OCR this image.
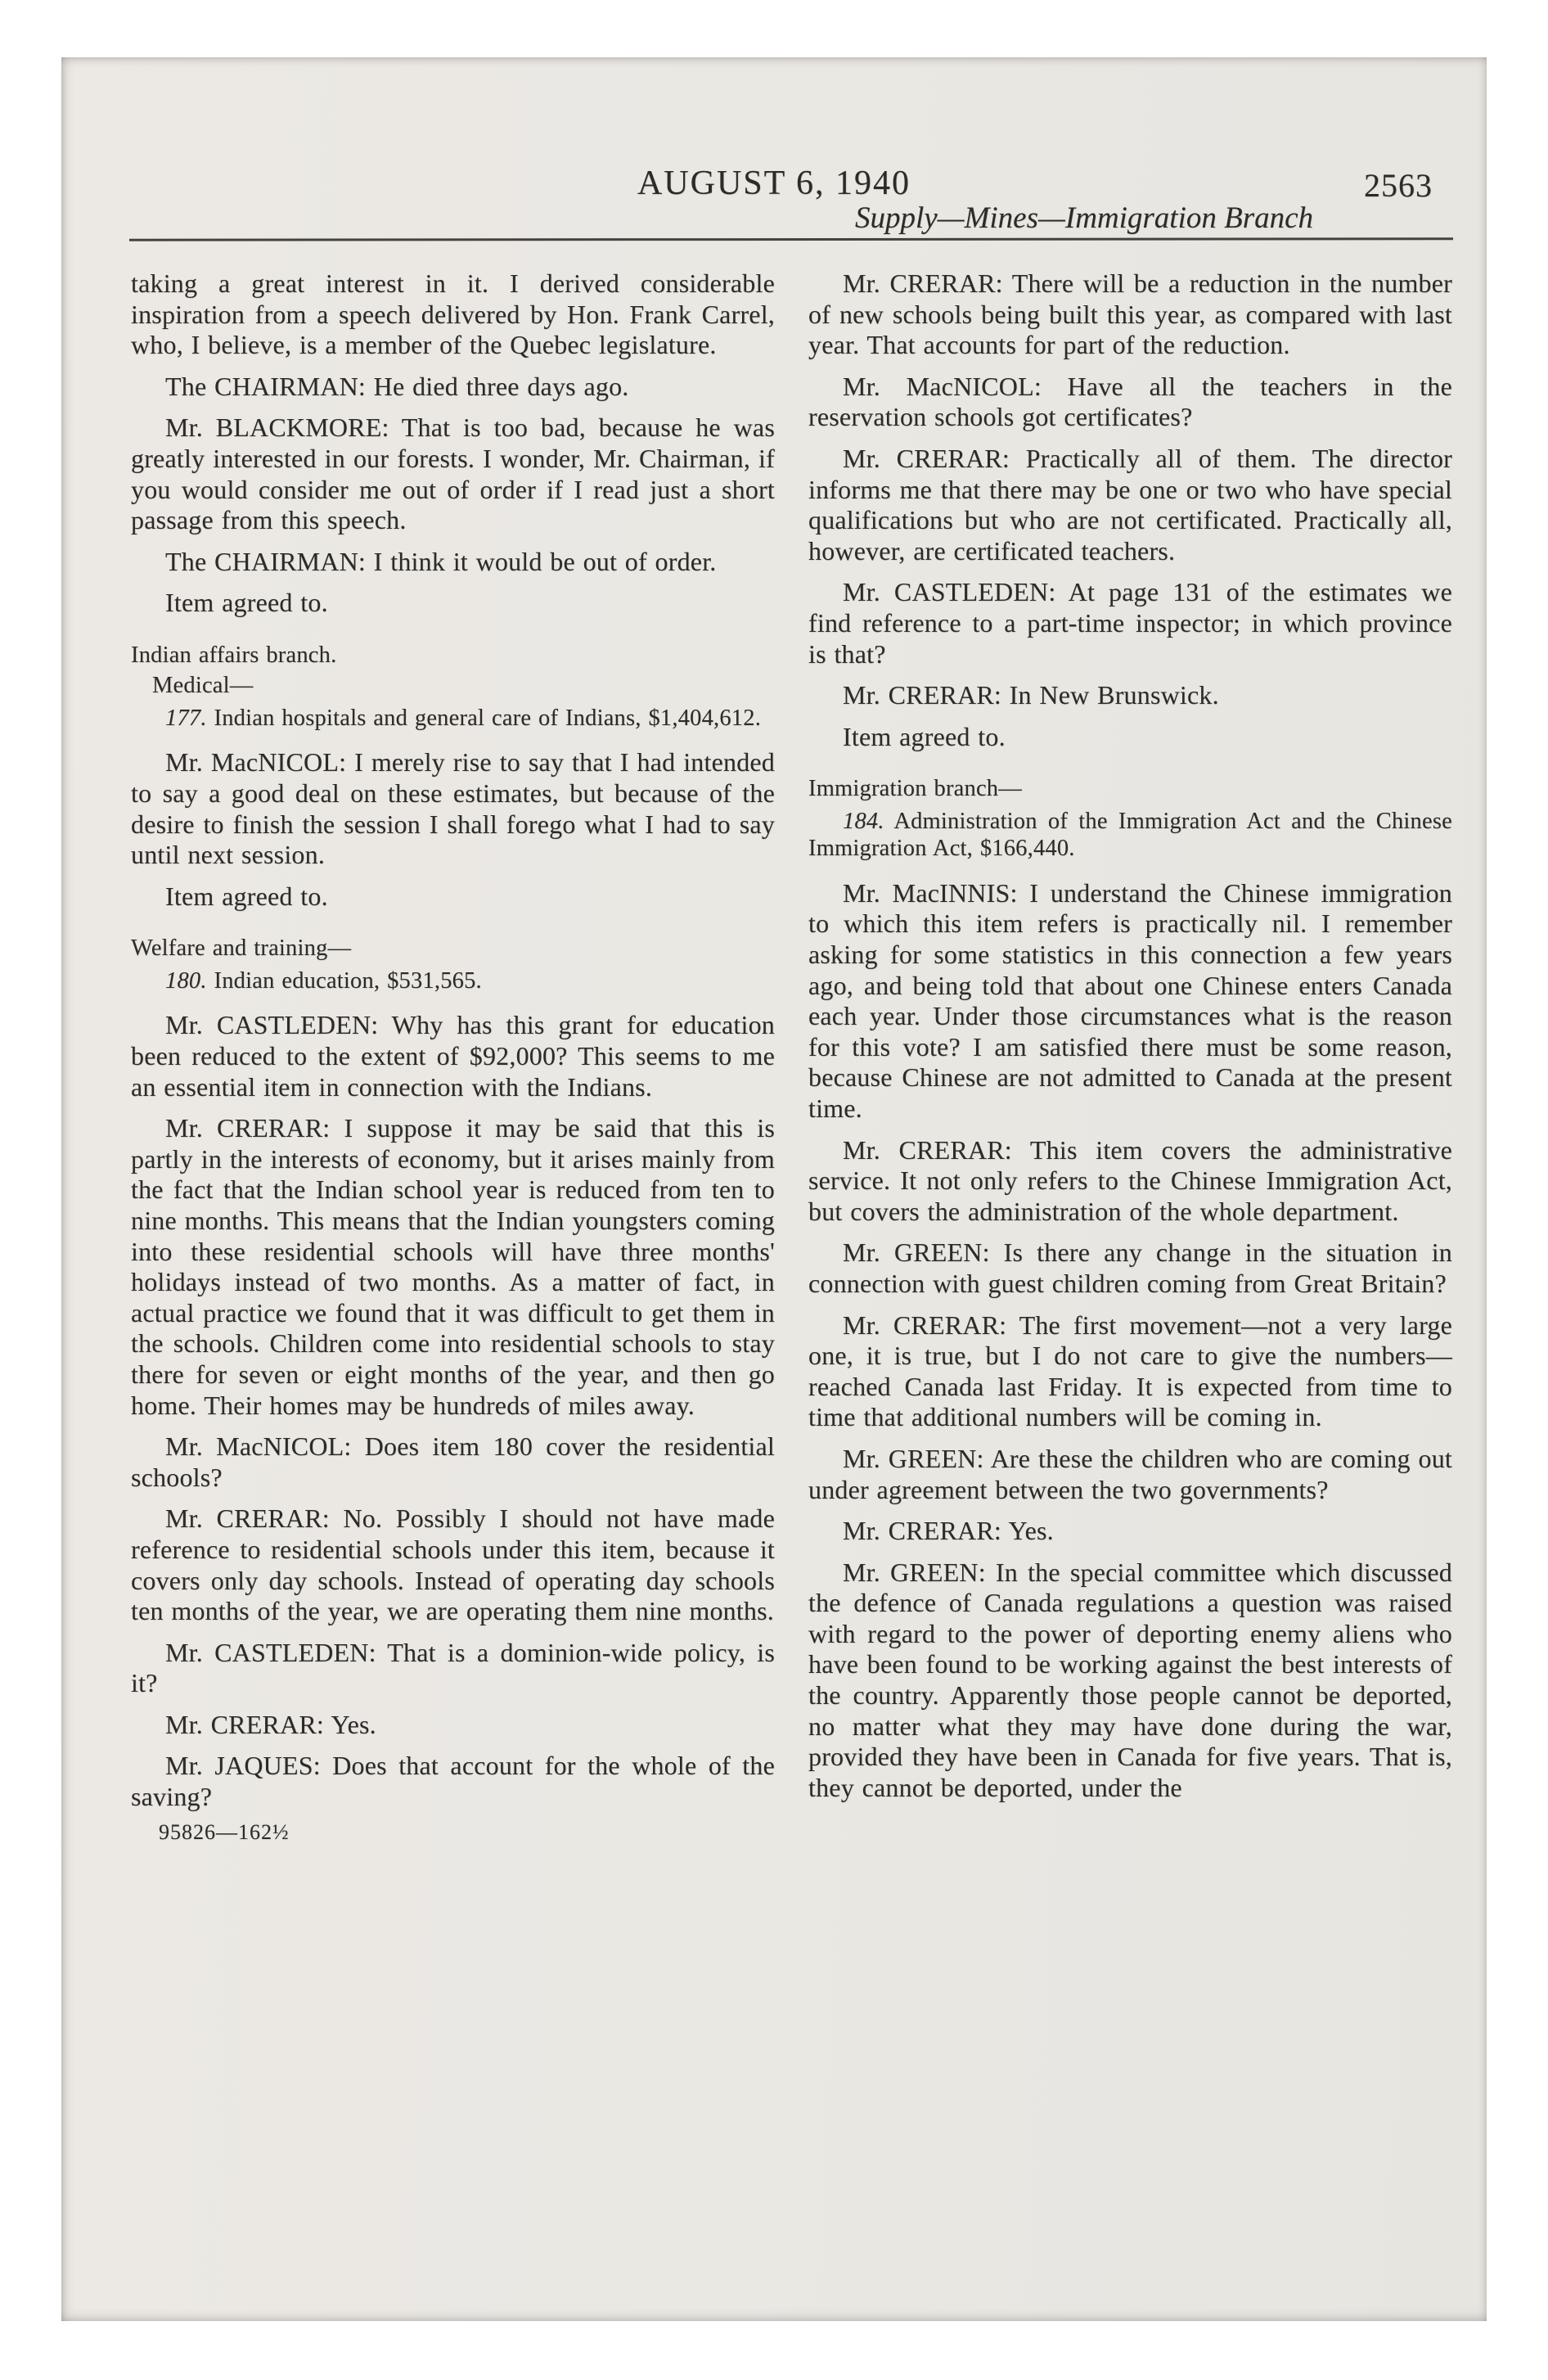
AUGUST 6, 1940	2563
Supply—Mines—Immigration Branch

taking a great interest in it. I derived considerable inspiration from a speech delivered by Hon. Frank Carrel, who, I believe, is a member of the Quebec legislature.

The CHAIRMAN: He died three days ago.

Mr. BLACKMORE: That is too bad, because he was greatly interested in our forests. I wonder, Mr. Chairman, if you would consider me out of order if I read just a short passage from this speech.

The CHAIRMAN: I think it would be out of order.

Item agreed to.

Indian affairs branch.

Medical—

177. Indian hospitals and general care of Indians, $1,404,612.

Mr. MacNICOL: I merely rise to say that I had intended to say a good deal on these estimates, but because of the desire to finish the session I shall forego what I had to say until next session.

Item agreed to.

Welfare and training—

180. Indian education, $531,565.

Mr. CASTLEDEN: Why has this grant for education been reduced to the extent of $92,000? This seems to me an essential item in connection with the Indians.

Mr. CRERAR: I suppose it may be said that this is partly in the interests of economy, but it arises mainly from the fact that the Indian school year is reduced from ten to nine months. This means that the Indian youngsters coming into these residential schools will have three months' holidays instead of two months. As a matter of fact, in actual practice we found that it was difficult to get them in the schools. Children come into residential schools to stay there for seven or eight months of the year, and then go home. Their homes may be hundreds of miles away.

Mr. MacNICOL: Does item 180 cover the residential schools?

Mr. CRERAR: No. Possibly I should not have made reference to residential schools under this item, because it covers only day schools. Instead of operating day schools ten months of the year, we are operating them nine months.

Mr. CASTLEDEN: That is a dominion-wide policy, is it?

Mr. CRERAR: Yes.

Mr. JAQUES: Does that account for the whole of the saving?

95826—162½

Mr. CRERAR: There will be a reduction in the number of new schools being built this year, as compared with last year. That accounts for part of the reduction.

Mr. MacNICOL: Have all the teachers in the reservation schools got certificates?

Mr. CRERAR: Practically all of them. The director informs me that there may be one or two who have special qualifications but who are not certificated. Practically all, however, are certificated teachers.

Mr. CASTLEDEN: At page 131 of the estimates we find reference to a part-time inspector; in which province is that?

Mr. CRERAR: In New Brunswick.

Item agreed to.

Immigration branch—

184. Administration of the Immigration Act and the Chinese Immigration Act, $166,440.

Mr. MacINNIS: I understand the Chinese immigration to which this item refers is practically nil. I remember asking for some statistics in this connection a few years ago, and being told that about one Chinese enters Canada each year. Under those circumstances what is the reason for this vote? I am satisfied there must be some reason, because Chinese are not admitted to Canada at the present time.

Mr. CRERAR: This item covers the administrative service. It not only refers to the Chinese Immigration Act, but covers the administration of the whole department.

Mr. GREEN: Is there any change in the situation in connection with guest children coming from Great Britain?

Mr. CRERAR: The first movement—not a very large one, it is true, but I do not care to give the numbers—reached Canada last Friday. It is expected from time to time that additional numbers will be coming in.

Mr. GREEN: Are these the children who are coming out under agreement between the two governments?

Mr. CRERAR: Yes.

Mr. GREEN: In the special committee which discussed the defence of Canada regulations a question was raised with regard to the power of deporting enemy aliens who have been found to be working against the best interests of the country. Apparently those people cannot be deported, no matter what they may have done during the war, provided they have been in Canada for five years. That is, they cannot be deported, under the
